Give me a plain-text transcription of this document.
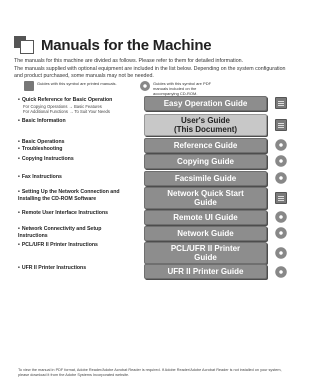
Manuals for the Machine

The manuals for this machine are divided as follows. Please refer to them for detailed information.

The manuals supplied with optional equipment are included in the list below. Depending on the system configuration and product purchased, some manuals may not be needed.

Guides with this symbol are printed manuals.	Guides with this symbol are PDF manuals included on the accompanying CD-ROM.
• Quick Reference for Basic Operation
For Copying Operations → Basic Features
For Additional Functions → To Suit Your Needs
• Basic Information
• Basic Operations
• Troubleshooting
• Copying Instructions
• Fax Instructions
• Setting Up the Network Connection and Installing the CD-ROM Software
• Remote User Interface Instructions
• Network Connectivity and Setup Instructions
• PCL/UFR II Printer Instructions
• UFR II Printer Instructions
Easy Operation Guide
User's Guide
(This Document)
Reference Guide
Copying Guide
Facsimile Guide
Network Quick Start
Guide
Remote UI Guide
Network Guide
PCL/UFR II Printer
Guide
UFR II Printer Guide
To view the manual in PDF format, Adobe Reader/Adobe Acrobat Reader is required. If Adobe Reader/Adobe Acrobat Reader is not installed on your system, please download it from the Adobe Systems Incorporated website.
